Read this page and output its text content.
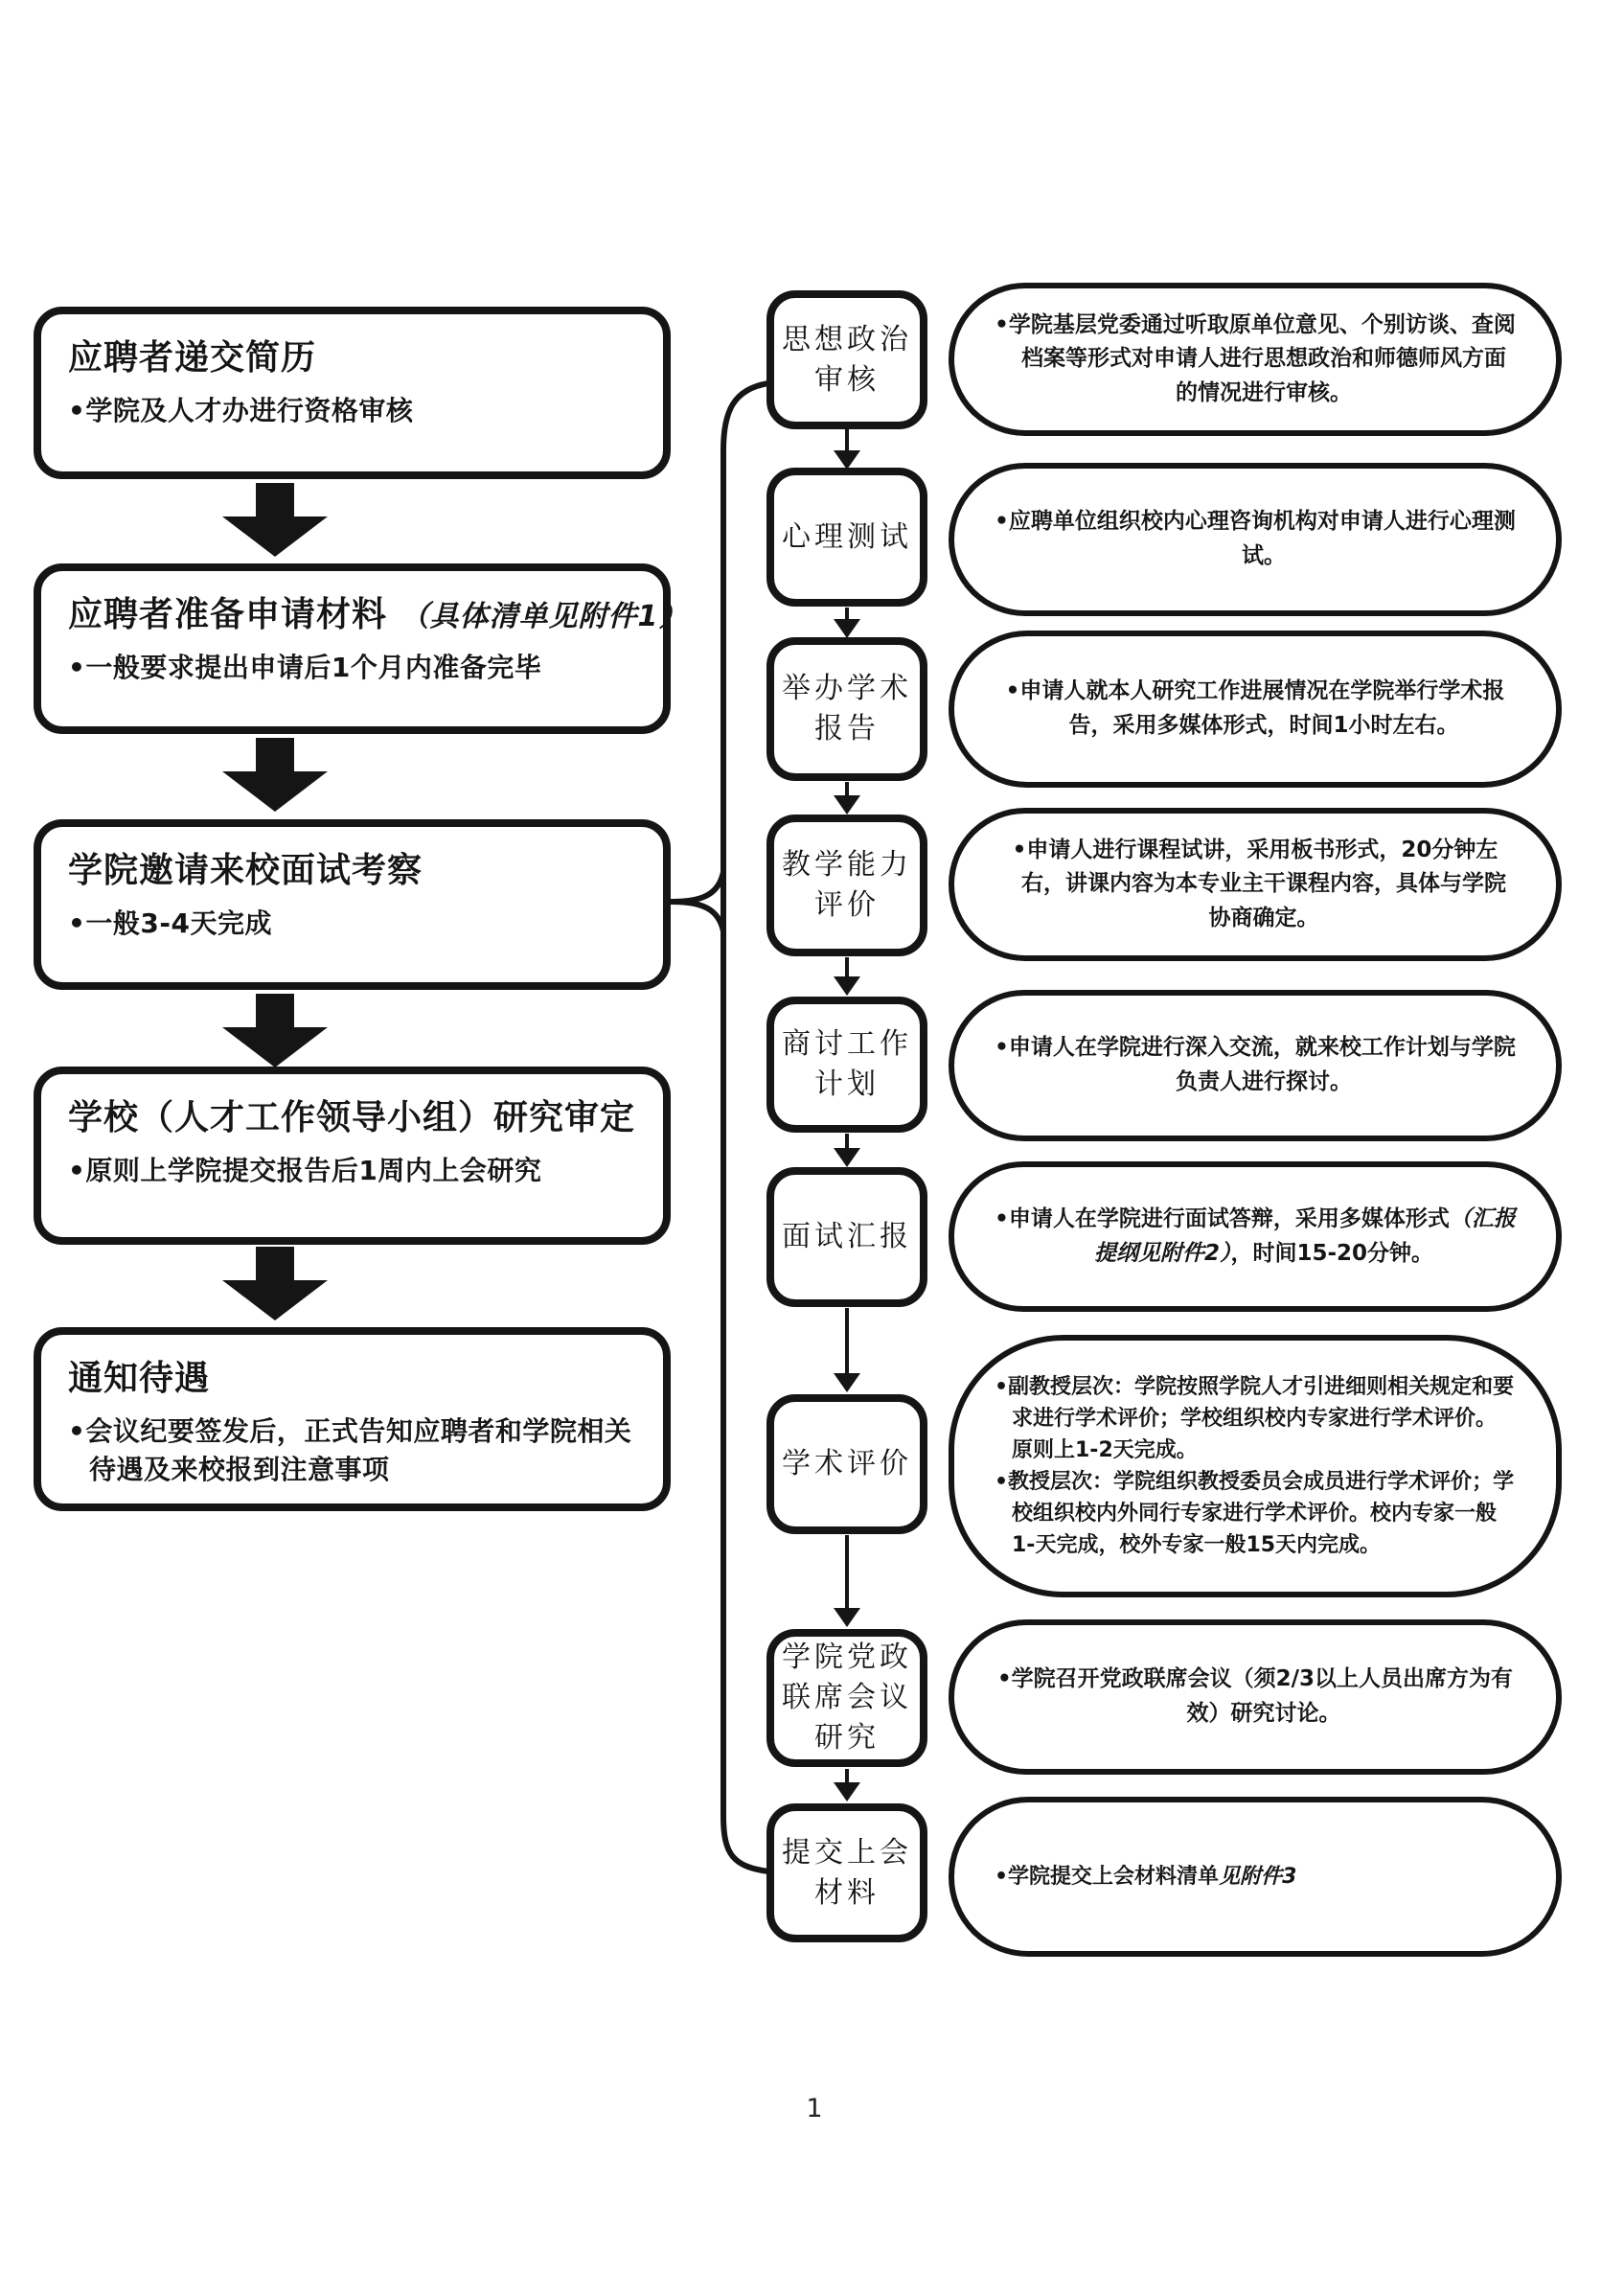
应聘者递交简历
•学院及人才办进行资格审核
应聘者准备申请材料 （具体清单见附件1）
•一般要求提出申请后1个月内准备完毕
学院邀请来校面试考察
•一般3-4天完成
学校（人才工作领导小组）研究审定
•原则上学院提交报告后1周内上会研究
通知待遇
•会议纪要签发后，正式告知应聘者和学院相关待遇及来校报到注意事项
思想政治审核
•学院基层党委通过听取原单位意见、个别访谈、查阅档案等形式对申请人进行思想政治和师德师风方面的情况进行审核。
心理测试	•应聘单位组织校内心理咨询机构对申请人进行心理测试。
举办学术报告
•申请人就本人研究工作进展情况在学院举行学术报告，采用多媒体形式，时间1小时左右。
教学能力评价
•申请人进行课程试讲，采用板书形式，20分钟左右，讲课内容为本专业主干课程内容，具体与学院协商确定。
商讨工作计划
•申请人在学院进行深入交流，就来校工作计划与学院负责人进行探讨。
面试汇报
•申请人在学院进行面试答辩，采用多媒体形式（汇报提纲见附件2），时间15-20分钟。
学术评价
•副教授层次：学院按照学院人才引进细则相关规定和要求进行学术评价；学校组织校内专家进行学术评价。原则上1-2天完成。
•教授层次：学院组织教授委员会成员进行学术评价；学校组织校内外同行专家进行学术评价。校内专家一般1-天完成，校外专家一般15天内完成。
学院党政联席会议研究
•学院召开党政联席会议（须2/3以上人员出席方为有效）研究讨论。
提交上会材料	•学院提交上会材料清单见附件3
1
